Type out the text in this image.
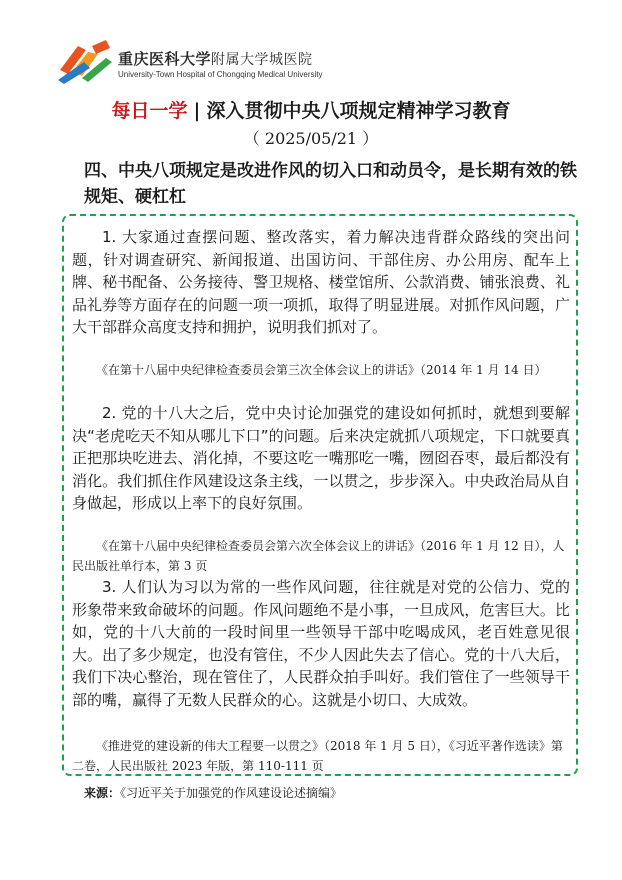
重庆医科大学附属大学城医院
University-Town Hospital of Chongqing Medical University
每日一学 | 深入贯彻中央八项规定精神学习教育
（ 2025/05/21 ）
四、中央八项规定是改进作风的切入口和动员令，是长期有效的铁规矩、硬杠杠
1. 大家通过查摆问题、整改落实，着力解决违背群众路线的突出问题，针对调查研究、新闻报道、出国访问、干部住房、办公用房、配车上牌、秘书配备、公务接待、警卫规格、楼堂馆所、公款消费、铺张浪费、礼品礼券等方面存在的问题一项一项抓，取得了明显进展。对抓作风问题，广大干部群众高度支持和拥护，说明我们抓对了。
《在第十八届中央纪律检查委员会第三次全体会议上的讲话》（2014 年 1 月 14 日）
2. 党的十八大之后，党中央讨论加强党的建设如何抓时，就想到要解决“老虎吃天不知从哪儿下口”的问题。后来决定就抓八项规定，下口就要真正把那块吃进去、消化掉，不要这吃一嘴那吃一嘴，囫囵吞枣，最后都没有消化。我们抓住作风建设这条主线，一以贯之，步步深入。中央政治局从自身做起，形成以上率下的良好氛围。
《在第十八届中央纪律检查委员会第六次全体会议上的讲话》（2016 年 1 月 12 日），人民出版社单行本，第 3 页
3. 人们认为习以为常的一些作风问题，往往就是对党的公信力、党的形象带来致命破坏的问题。作风问题绝不是小事，一旦成风，危害巨大。比如，党的十八大前的一段时间里一些领导干部中吃喝成风，老百姓意见很大。出了多少规定，也没有管住，不少人因此失去了信心。党的十八大后，我们下决心整治，现在管住了，人民群众拍手叫好。我们管住了一些领导干部的嘴，赢得了无数人民群众的心。这就是小切口、大成效。
《推进党的建设新的伟大工程要一以贯之》（2018 年 1 月 5 日），《习近平著作选读》第二卷，人民出版社 2023 年版，第 110-111 页
来源：《习近平关于加强党的作风建设论述摘编》
